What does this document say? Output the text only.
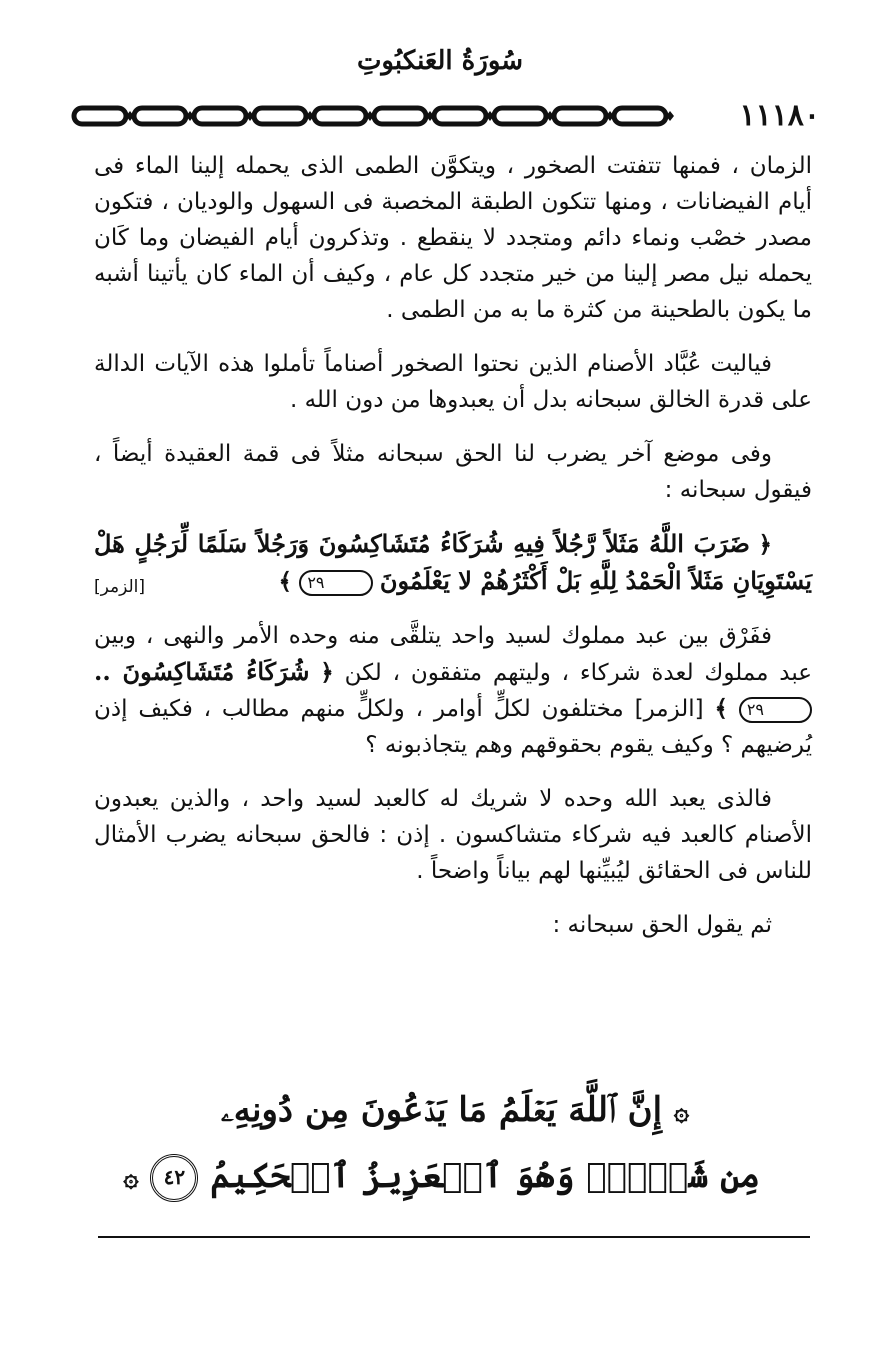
سُورَةُ العَنكبُوتِ
١١١٨٠

الزمان ، فمنها تتفتت الصخور ، ويتكوَّن الطمى الذى يحمله إلينا الماء فى أيام الفيضانات ، ومنها تتكون الطبقة المخصبة فى السهول والوديان ، فتكون مصدر خصْب ونماء دائم ومتجدد لا ينقطع . وتذكرون أيام الفيضان وما كَان يحمله نيل مصر إلينا من خير متجدد كل عام ، وكيف أن الماء كان يأتينا أشبه ما يكون بالطحينة من كثرة ما به من الطمى .

فياليت عُبَّاد الأصنام الذين نحتوا الصخور أصناماً تأملوا هذه الآيات الدالة على قدرة الخالق سبحانه بدل أن يعبدوها من دون الله .

وفى موضع آخر يضرب لنا الحق سبحانه مثلاً فى قمة العقيدة أيضاً ، فيقول سبحانه :

﴿ ضَرَبَ اللَّهُ مَثَلاً رَّجُلاً فِيهِ شُرَكَاءُ مُتَشَاكِسُونَ وَرَجُلاً سَلَمًا لِّرَجُلٍ هَلْ يَسْتَوِيَانِ مَثَلاً الْحَمْدُ لِلَّهِ بَلْ أَكْثَرُهُمْ لا يَعْلَمُونَ ٢٩ ﴾
[الزمر]

ففَرْق بين عبد مملوك لسيد واحد يتلقَّى منه وحده الأمر والنهى ، وبين عبد مملوك لعدة شركاء ، وليتهم متفقون ، لكن ﴿ شُرَكَاءُ مُتَشَاكِسُونَ .. ٢٩ ﴾ [الزمر] مختلفون لكلٍّ أوامر ، ولكلٍّ منهم مطالب ، فكيف إذن يُرضيهم ؟ وكيف يقوم بحقوقهم وهم يتجاذبونه ؟

فالذى يعبد الله وحده لا شريك له كالعبد لسيد واحد ، والذين يعبدون الأصنام كالعبد فيه شركاء متشاكسون . إذن : فالحق سبحانه يضرب الأمثال للناس فى الحقائق ليُبيِّنها لهم بياناً واضحاً .

ثم يقول الحق سبحانه :

۞ إِنَّ ٱللَّهَ يَعۡلَمُ مَا يَدۡعُونَ مِن دُونِهِۦ
مِن شَيۡءٖۚ وَهُوَ ٱلۡعَزِيزُ ٱلۡحَكِيمُ ٤٢ ۞
